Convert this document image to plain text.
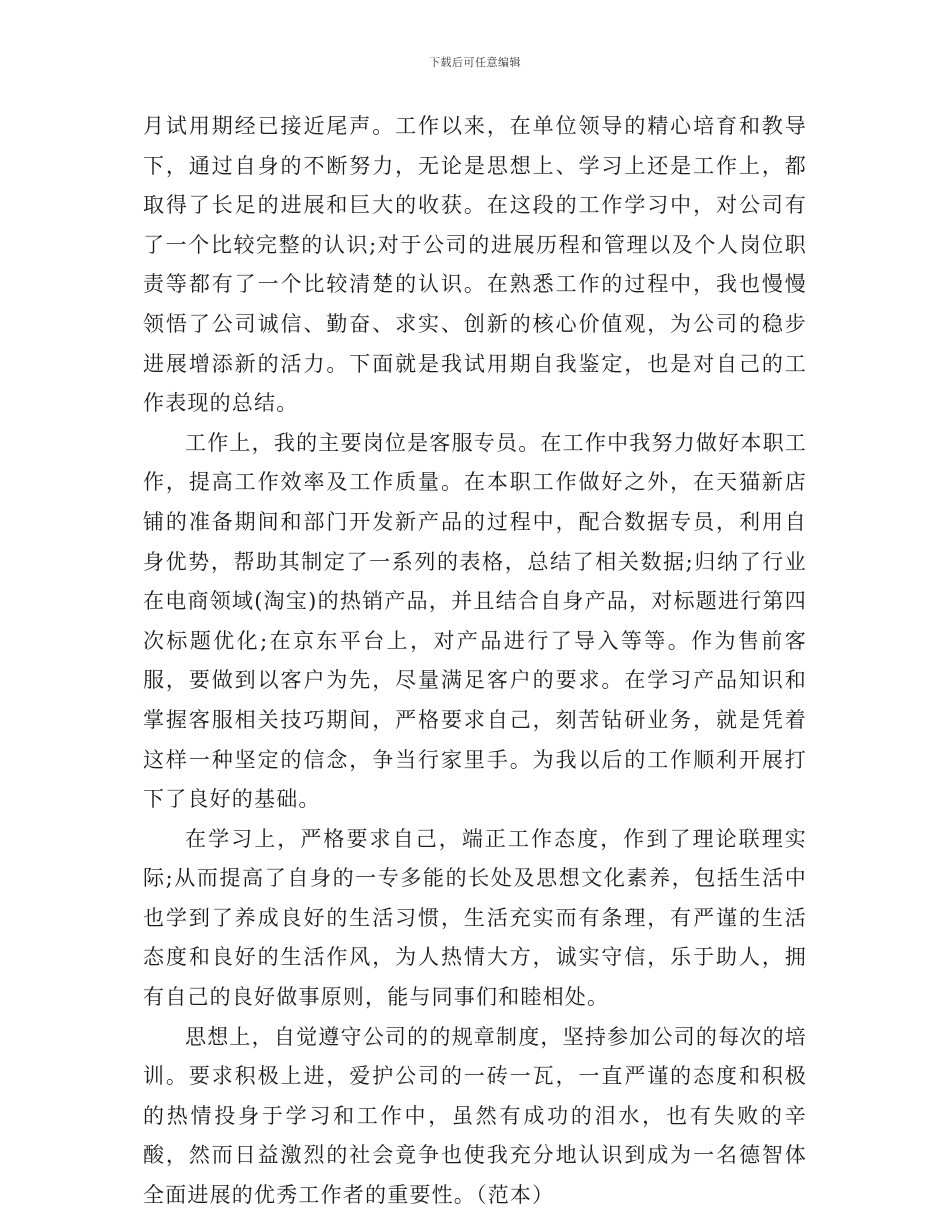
下载后可任意编辑

月试用期经已接近尾声。工作以来，在单位领导的精心培育和教导下，通过自身的不断努力，无论是思想上、学习上还是工作上，都取得了长足的进展和巨大的收获。在这段的工作学习中，对公司有了一个比较完整的认识;对于公司的进展历程和管理以及个人岗位职责等都有了一个比较清楚的认识。在熟悉工作的过程中，我也慢慢领悟了公司诚信、勤奋、求实、创新的核心价值观，为公司的稳步进展增添新的活力。下面就是我试用期自我鉴定，也是对自己的工作表现的总结。

工作上，我的主要岗位是客服专员。在工作中我努力做好本职工作，提高工作效率及工作质量。在本职工作做好之外，在天猫新店铺的准备期间和部门开发新产品的过程中，配合数据专员，利用自身优势，帮助其制定了一系列的表格，总结了相关数据;归纳了行业在电商领域(淘宝)的热销产品，并且结合自身产品，对标题进行第四次标题优化;在京东平台上，对产品进行了导入等等。作为售前客服，要做到以客户为先，尽量满足客户的要求。在学习产品知识和掌握客服相关技巧期间，严格要求自己，刻苦钻研业务，就是凭着这样一种坚定的信念，争当行家里手。为我以后的工作顺利开展打下了良好的基础。

在学习上，严格要求自己，端正工作态度，作到了理论联理实际;从而提高了自身的一专多能的长处及思想文化素养，包括生活中也学到了养成良好的生活习惯，生活充实而有条理，有严谨的生活态度和良好的生活作风，为人热情大方，诚实守信，乐于助人，拥有自己的良好做事原则，能与同事们和睦相处。

思想上，自觉遵守公司的的规章制度，坚持参加公司的每次的培训。要求积极上进，爱护公司的一砖一瓦，一直严谨的态度和积极的热情投身于学习和工作中，虽然有成功的泪水，也有失败的辛酸，然而日益激烈的社会竟争也使我充分地认识到成为一名德智体全面进展的优秀工作者的重要性。（范本）
